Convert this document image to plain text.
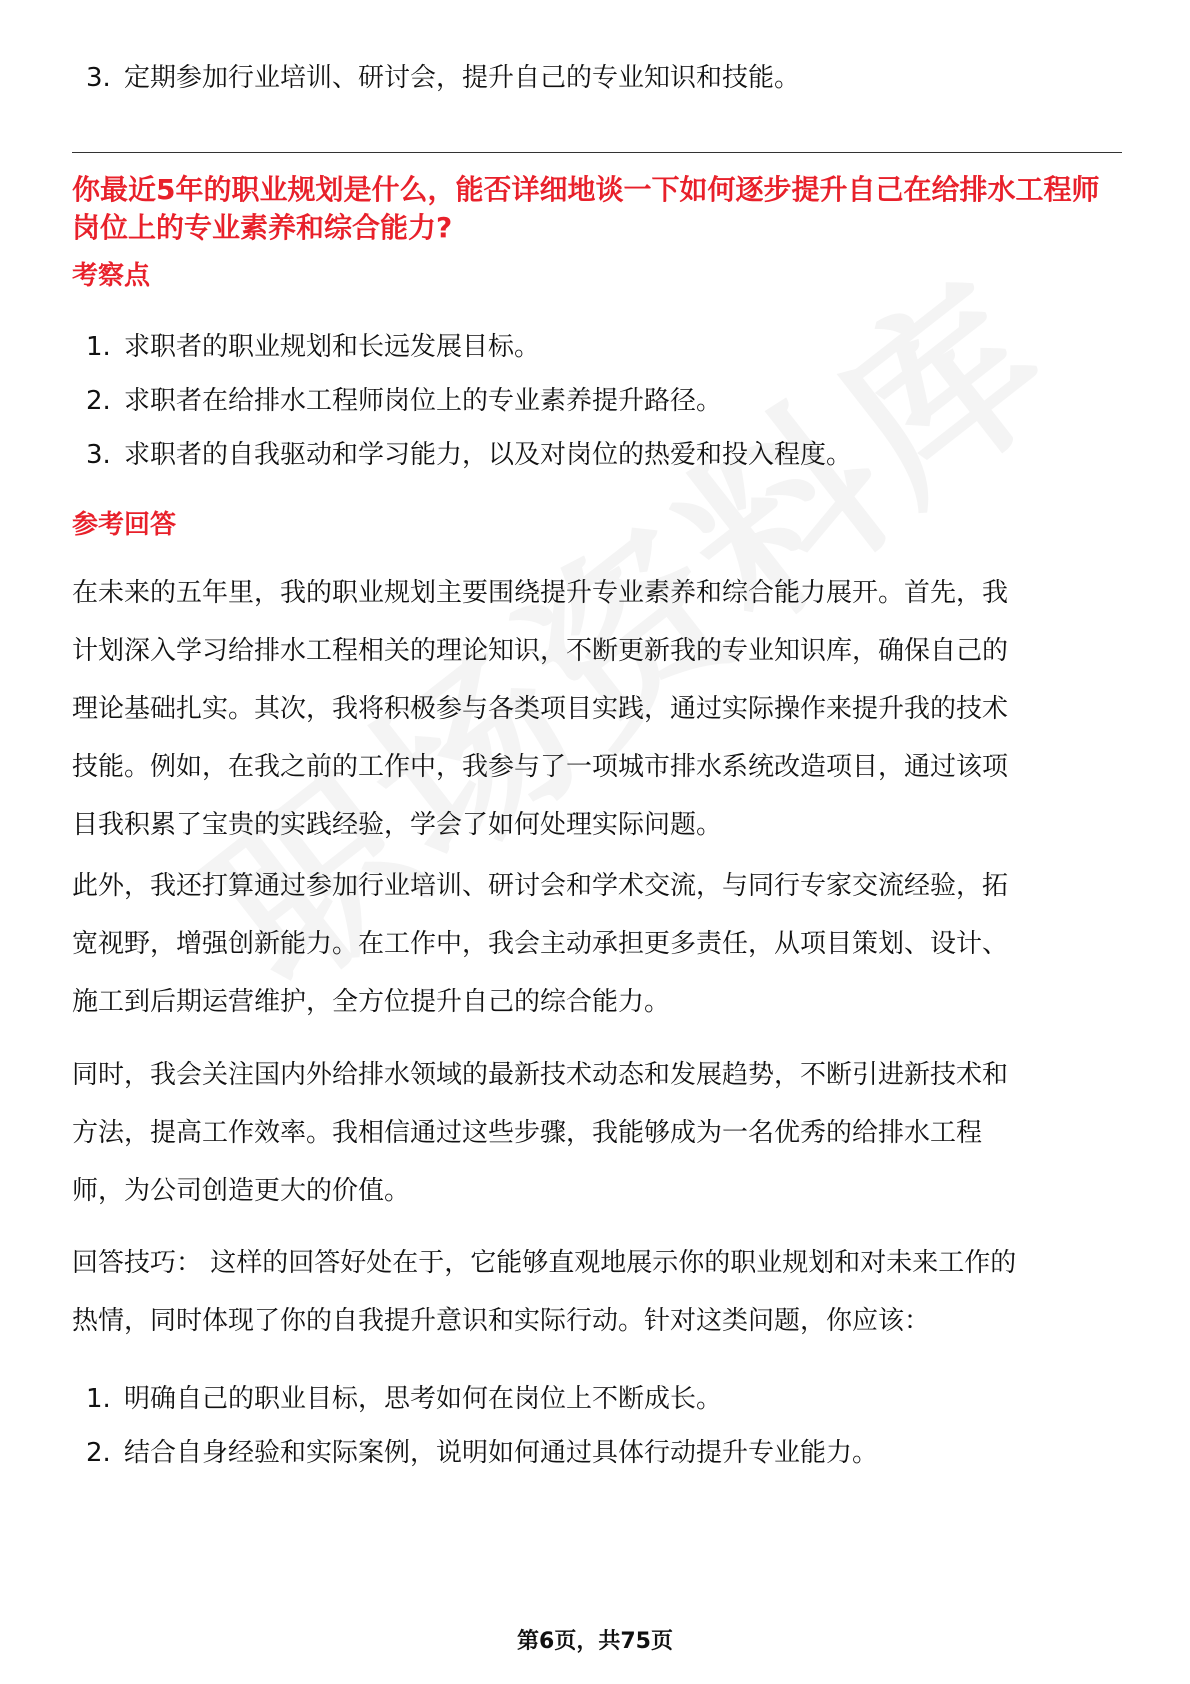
3. 定期参加行业培训、研讨会，提升自己的专业知识和技能。
你最近5年的职业规划是什么，能否详细地谈一下如何逐步提升自己在给排水工程师岗位上的专业素养和综合能力?
考察点
1. 求职者的职业规划和长远发展目标。
2. 求职者在给排水工程师岗位上的专业素养提升路径。
3. 求职者的自我驱动和学习能力，以及对岗位的热爱和投入程度。
参考回答
在未来的五年里，我的职业规划主要围绕提升专业素养和综合能力展开。首先，我
计划深入学习给排水工程相关的理论知识，不断更新我的专业知识库，确保自己的
理论基础扎实。其次，我将积极参与各类项目实践，通过实际操作来提升我的技术
技能。例如，在我之前的工作中，我参与了一项城市排水系统改造项目，通过该项
目我积累了宝贵的实践经验，学会了如何处理实际问题。
此外，我还打算通过参加行业培训、研讨会和学术交流，与同行专家交流经验，拓
宽视野，增强创新能力。在工作中，我会主动承担更多责任，从项目策划、设计、
施工到后期运营维护，全方位提升自己的综合能力。
同时，我会关注国内外给排水领域的最新技术动态和发展趋势，不断引进新技术和
方法，提高工作效率。我相信通过这些步骤，我能够成为一名优秀的给排水工程
师，为公司创造更大的价值。
回答技巧： 这样的回答好处在于，它能够直观地展示你的职业规划和对未来工作的
热情，同时体现了你的自我提升意识和实际行动。针对这类问题，你应该：
1. 明确自己的职业目标，思考如何在岗位上不断成长。
2. 结合自身经验和实际案例，说明如何通过具体行动提升专业能力。
第6页，共75页
